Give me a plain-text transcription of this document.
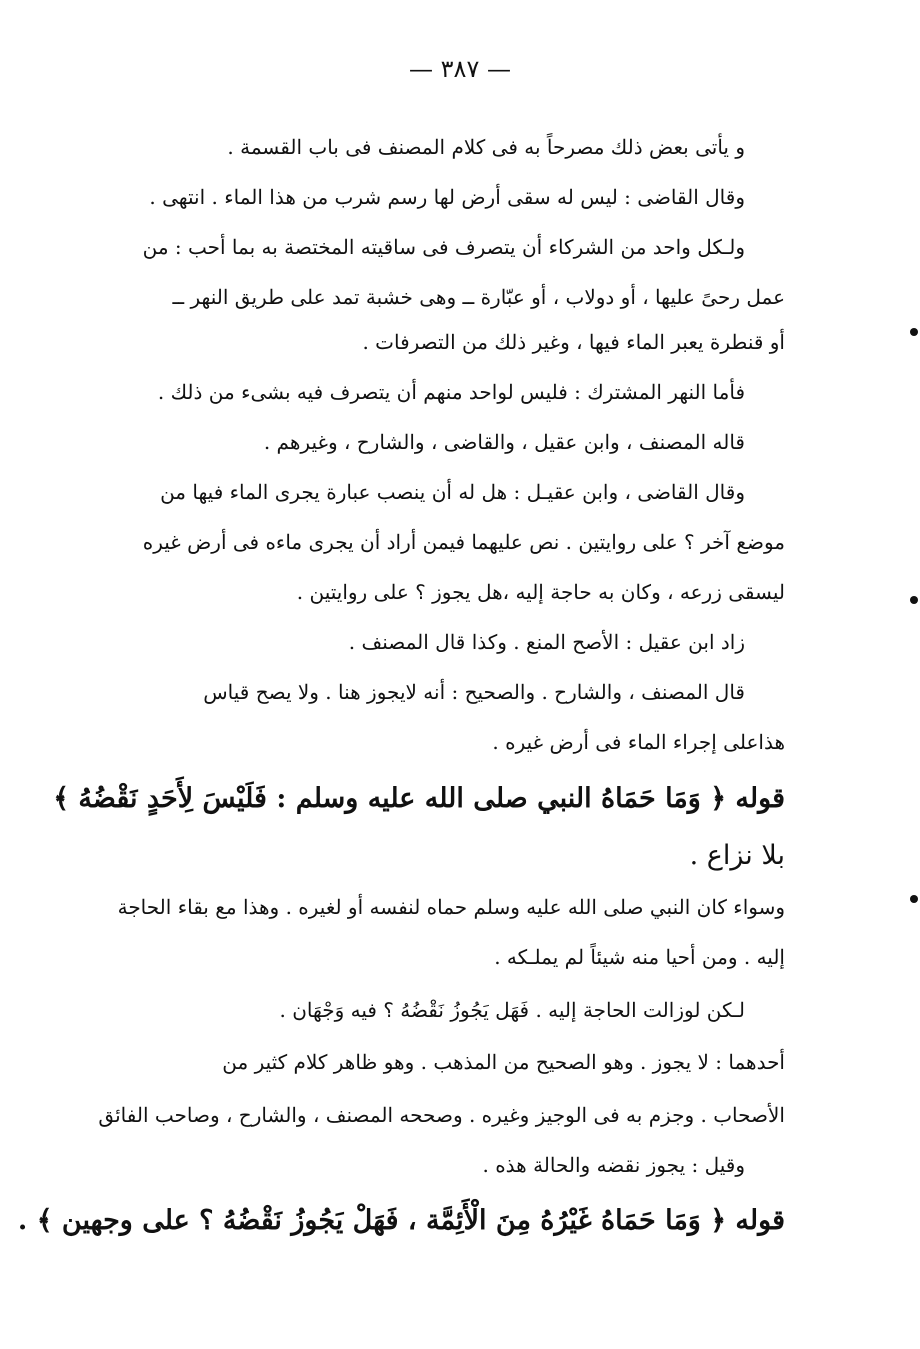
— ٣٨٧ —
و يأتى بعض ذلك مصرحاً به فى كلام المصنف فى باب القسمة .
وقال القاضى : ليس له سقى أرض لها رسم شرب من هذا الماء . انتهى .
ولـكل واحد من الشركاء أن يتصرف فى ساقيته المختصة به بما أحب : من
عمل رحىً عليها ، أو دولاب ، أو عبّارة ــ وهى خشبة تمد على طريق النهر ــ
أو قنطرة يعبر الماء فيها ، وغير ذلك من التصرفات .
فأما النهر المشترك : فليس لواحد منهم أن يتصرف فيه بشىء من ذلك .
قاله المصنف ، وابن عقيل ، والقاضى ، والشارح ، وغيرهم .
وقال القاضى ، وابن عقيـل : هل له أن ينصب عبارة يجرى الماء فيها من
موضع آخر ؟ على روايتين . نص عليهما فيمن أراد أن يجرى ماءه فى أرض غيره
ليسقى زرعه ، وكان به حاجة إليه ،هل يجوز ؟ على روايتين .
زاد ابن عقيل : الأصح المنع . وكذا قال المصنف .
قال المصنف ، والشارح . والصحيح : أنه لايجوز هنا . ولا يصح قياس
هذاعلى إجراء الماء فى أرض غيره .
قوله ﴿ وَمَا حَمَاهُ النبي صلى الله عليه وسلم : فَلَيْسَ لِأَحَدٍ نَقْضُهُ ﴾
بلا نزاع .
وسواء كان النبي صلى الله عليه وسلم حماه لنفسه أو لغيره . وهذا مع بقاء الحاجة
إليه . ومن أحيا منه شيئاً لم يملـكه .
لـكن لوزالت الحاجة إليه . فَهَل يَجُوزُ نَقْضُهُ ؟ فيه وَجْهَان .
أحدهما : لا يجوز . وهو الصحيح من المذهب . وهو ظاهر كلام كثير من
الأصحاب . وجزم به فى الوجيز وغيره . وصححه المصنف ، والشارح ، وصاحب الفائق
وقيل : يجوز نقضه والحالة هذه .
قوله ﴿ وَمَا حَمَاهُ غَيْرُهُ مِنَ الْأَئِمَّة ، فَهَلْ يَجُوزُ نَقْضُهُ ؟ على وجهين ﴾ .
